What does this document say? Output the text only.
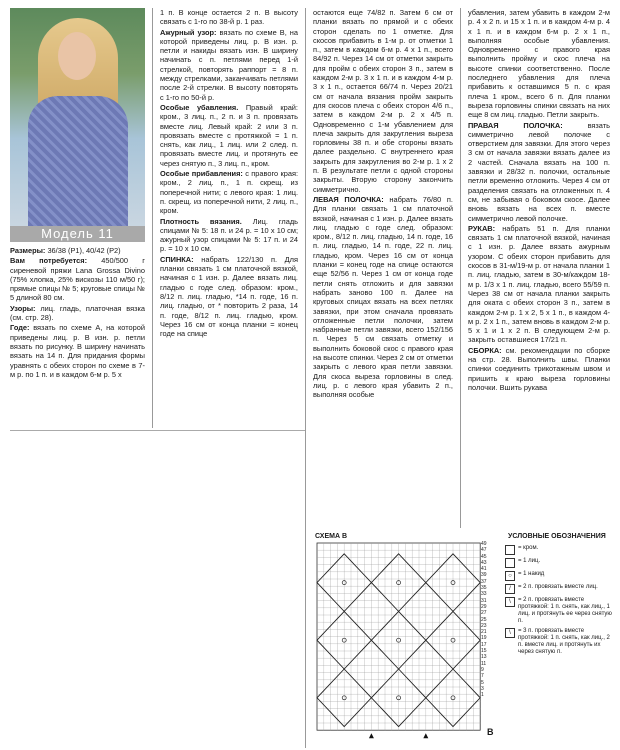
Модель 11

Размеры: 36/38 (P1), 40/42 (P2)

Вам потребуется: 450/500 г сиреневой пряжи Lana Grossa Divino (75% хлопка, 25% вискозы 110 м/50 г); прямые спицы № 5; круговые спицы № 5 длиной 80 см.

Узоры: лиц. гладь, платочная вязка (см. стр. 28).

Годе: вязать по схеме А, на которой приведены лиц. р. В изн. р. петли вязать по рисунку. В ширину начинать вязать на 14 п. Для придания формы уравнять с обеих сторон по схеме в 7-м р. по 1 п. и в каждом 6-м р. 5 х

1 п. В конце остается 2 п. В высоту связать с 1-го по 38-й р. 1 раз.

Ажурный узор: вязать по схеме В, на которой приведены лиц. р. В изн. р. петли и накиды вязать изн. В ширину начинать с п. петлями перед 1-й стрелкой, повторять раппорт = 8 п. между стрелками, заканчивать петлями после 2-й стрелки. В высоту повторять с 1-го по 50-й р.

Особые убавления. Правый край: кром., 3 лиц. п., 2 п. и 3 п. провязать вместе лиц. Левый край: 2 или 3 п. провязать вместе с протяжкой = 1 п. снять, как лиц., 1 лиц. или 2 след. п. провязать вместе лиц. и протянуть ее через снятую п., 3 лиц. п., кром.

Особые прибавления: с правого края: кром., 2 лиц. п., 1 п. скрещ. из поперечной нити; с левого края: 1 лиц. п. скрещ. из поперечной нити, 2 лиц. п., кром.

Плотность вязания. Лиц. гладь спицами № 5: 18 п. и 24 р. = 10 x 10 см; ажурный узор спицами № 5: 17 п. и 24 р. = 10 x 10 см.

СПИНКА: набрать 122/130 п. Для планки связать 1 см платочной вязкой, начиная с 1 изн. р. Далее вязать лиц. гладью с годе след. образом: кром., 8/12 п. лиц. гладью, *14 п. годе, 16 п. лиц. гладью, от * повторить 2 раза, 14 п. годе, 8/12 п. лиц. гладью, кром. Через 16 см от конца планки = конец годе на спице

остаются еще 74/82 п. Затем 6 см от планки вязать по прямой и с обеих сторон сделать по 1 отметке. Для скосов прибавить в 1-м р. от отметки 1 п., затем в каждом 6-м р. 4 x 1 п., всего 84/92 п. Через 14 см от отметки закрыть для пройм с обеих сторон 3 п., затем в каждом 2-м р. 3 x 1 п. и в каждом 4-м р. 3 x 1 п., остается 66/74 п. Через 20/21 см от начала вязания пройм закрыть для скосов плеча с обеих сторон 4/6 п., затем в каждом 2-м р. 2 x 4/5 п. Одновременно с 1-м убавлением для плеча закрыть для закругления выреза горловины 38 п. и обе стороны вязать далее раздельно. С внутреннего края закрыть для закругления во 2-м р. 1 x 2 п. В результате петли с одной стороны закрыты. Вторую сторону закончить симметрично.

ЛЕВАЯ ПОЛОЧКА: набрать 76/80 п. Для планки связать 1 см платочной вязкой, начиная с 1 изн. р. Далее вязать лиц. гладью с годе след. образом: кром., 8/12 п. лиц. гладью, 14 п. годе, 16 п. лиц. гладью, 14 п. годе, 22 п. лиц. гладью, кром. Через 16 см от конца планки = конец годе на спице остаются еще 52/56 п. Через 1 см от конца годе петли снять отложить и для завязки набрать заново 100 п. Далее на круговых спицах вязать на всех петлях завязки, при этом сначала провязать отложенные петли полочки, затем набранные петли завязки, всего 152/156 п. Через 5 см связать отметку и выполнить боковой скос с правого края на высоте спинки. Через 2 см от отметки закрыть с левого края петли завязки. Для скоса выреза горловины в след. лиц. р. с левого края убавить 2 п., выполняя особые

убавления, затем убавить в каждом 2-м р. 4 x 2 п. и 15 x 1 п. и в каждом 4-м р. 4 x 1 п. и в каждом 6-м р. 2 x 1 п., выполняя особые убавления. Одновременно с правого края выполнить пройму и скос плеча на высоте спинки соответственно. После последнего убавления для плеча прибавить к оставшимся 5 п. с края плеча 1 кром., всего 6 п. Для планки выреза горловины спинки связать на них еще 8 см лиц. гладью. Петли закрыть.

ПРАВАЯ ПОЛОЧКА: вязать симметрично левой полочке с отверстием для завязки. Для этого через 3 см от начала завязки вязать далее из 2 частей. Сначала вязать на 100 п. завязки и 28/32 п. полочки, остальные петли временно отложить. Через 4 см от разделения связать на отложенных п. 4 см, не забывая о боковом скосе. Далее вновь вязать на всех п. вместе симметрично левой полочке.

РУКАВ: набрать 51 п. Для планки связать 1 см платочной вязкой, начиная с 1 изн. р. Далее вязать ажурным узором. С обеих сторон прибавить для скосов в 31-м/19-м р. от начала планки 1 п. лиц. гладью, затем в 30-м/каждом 18-м р. 1/3 x 1 п. лиц. гладью, всего 55/59 п. Через 38 см от начала планки закрыть для оката с обеих сторон 3 п., затем в каждом 2-м р. 1 x 2, 5 x 1 п., в каждом 4-м р. 2 x 1 п., затем вновь в каждом 2-м р. 5 x 1 и 1 x 2 п. В следующем 2-м р. закрыть оставшиеся 17/21 п.

СБОРКА: см. рекомендации по сборке на стр. 28. Выполнить швы. Планки спинки соединить трикотажным швом и пришить к краю выреза горловины полочки. Вшить рукава

СХЕМА В
49
47
45
43
41
39
37
35
33
31
29
27
25
23
21
19
17
15
13
11
9
7
5
3
1
B
УСЛОВНЫЕ ОБОЗНАЧЕНИЯ
= кром.
= 1 лиц.
○	= 1 накид
/	= 2 п. провязать вместе лиц.
\	= 2 п. провязать вместе протяжкой: 1 п. снять, как лиц., 1 лиц. и протянуть ее через снятую п.
\	= 3 п. провязать вместе протяжкой: 1 п. снять, как лиц., 2 п. вместе лиц. и протянуть их через снятую п.
